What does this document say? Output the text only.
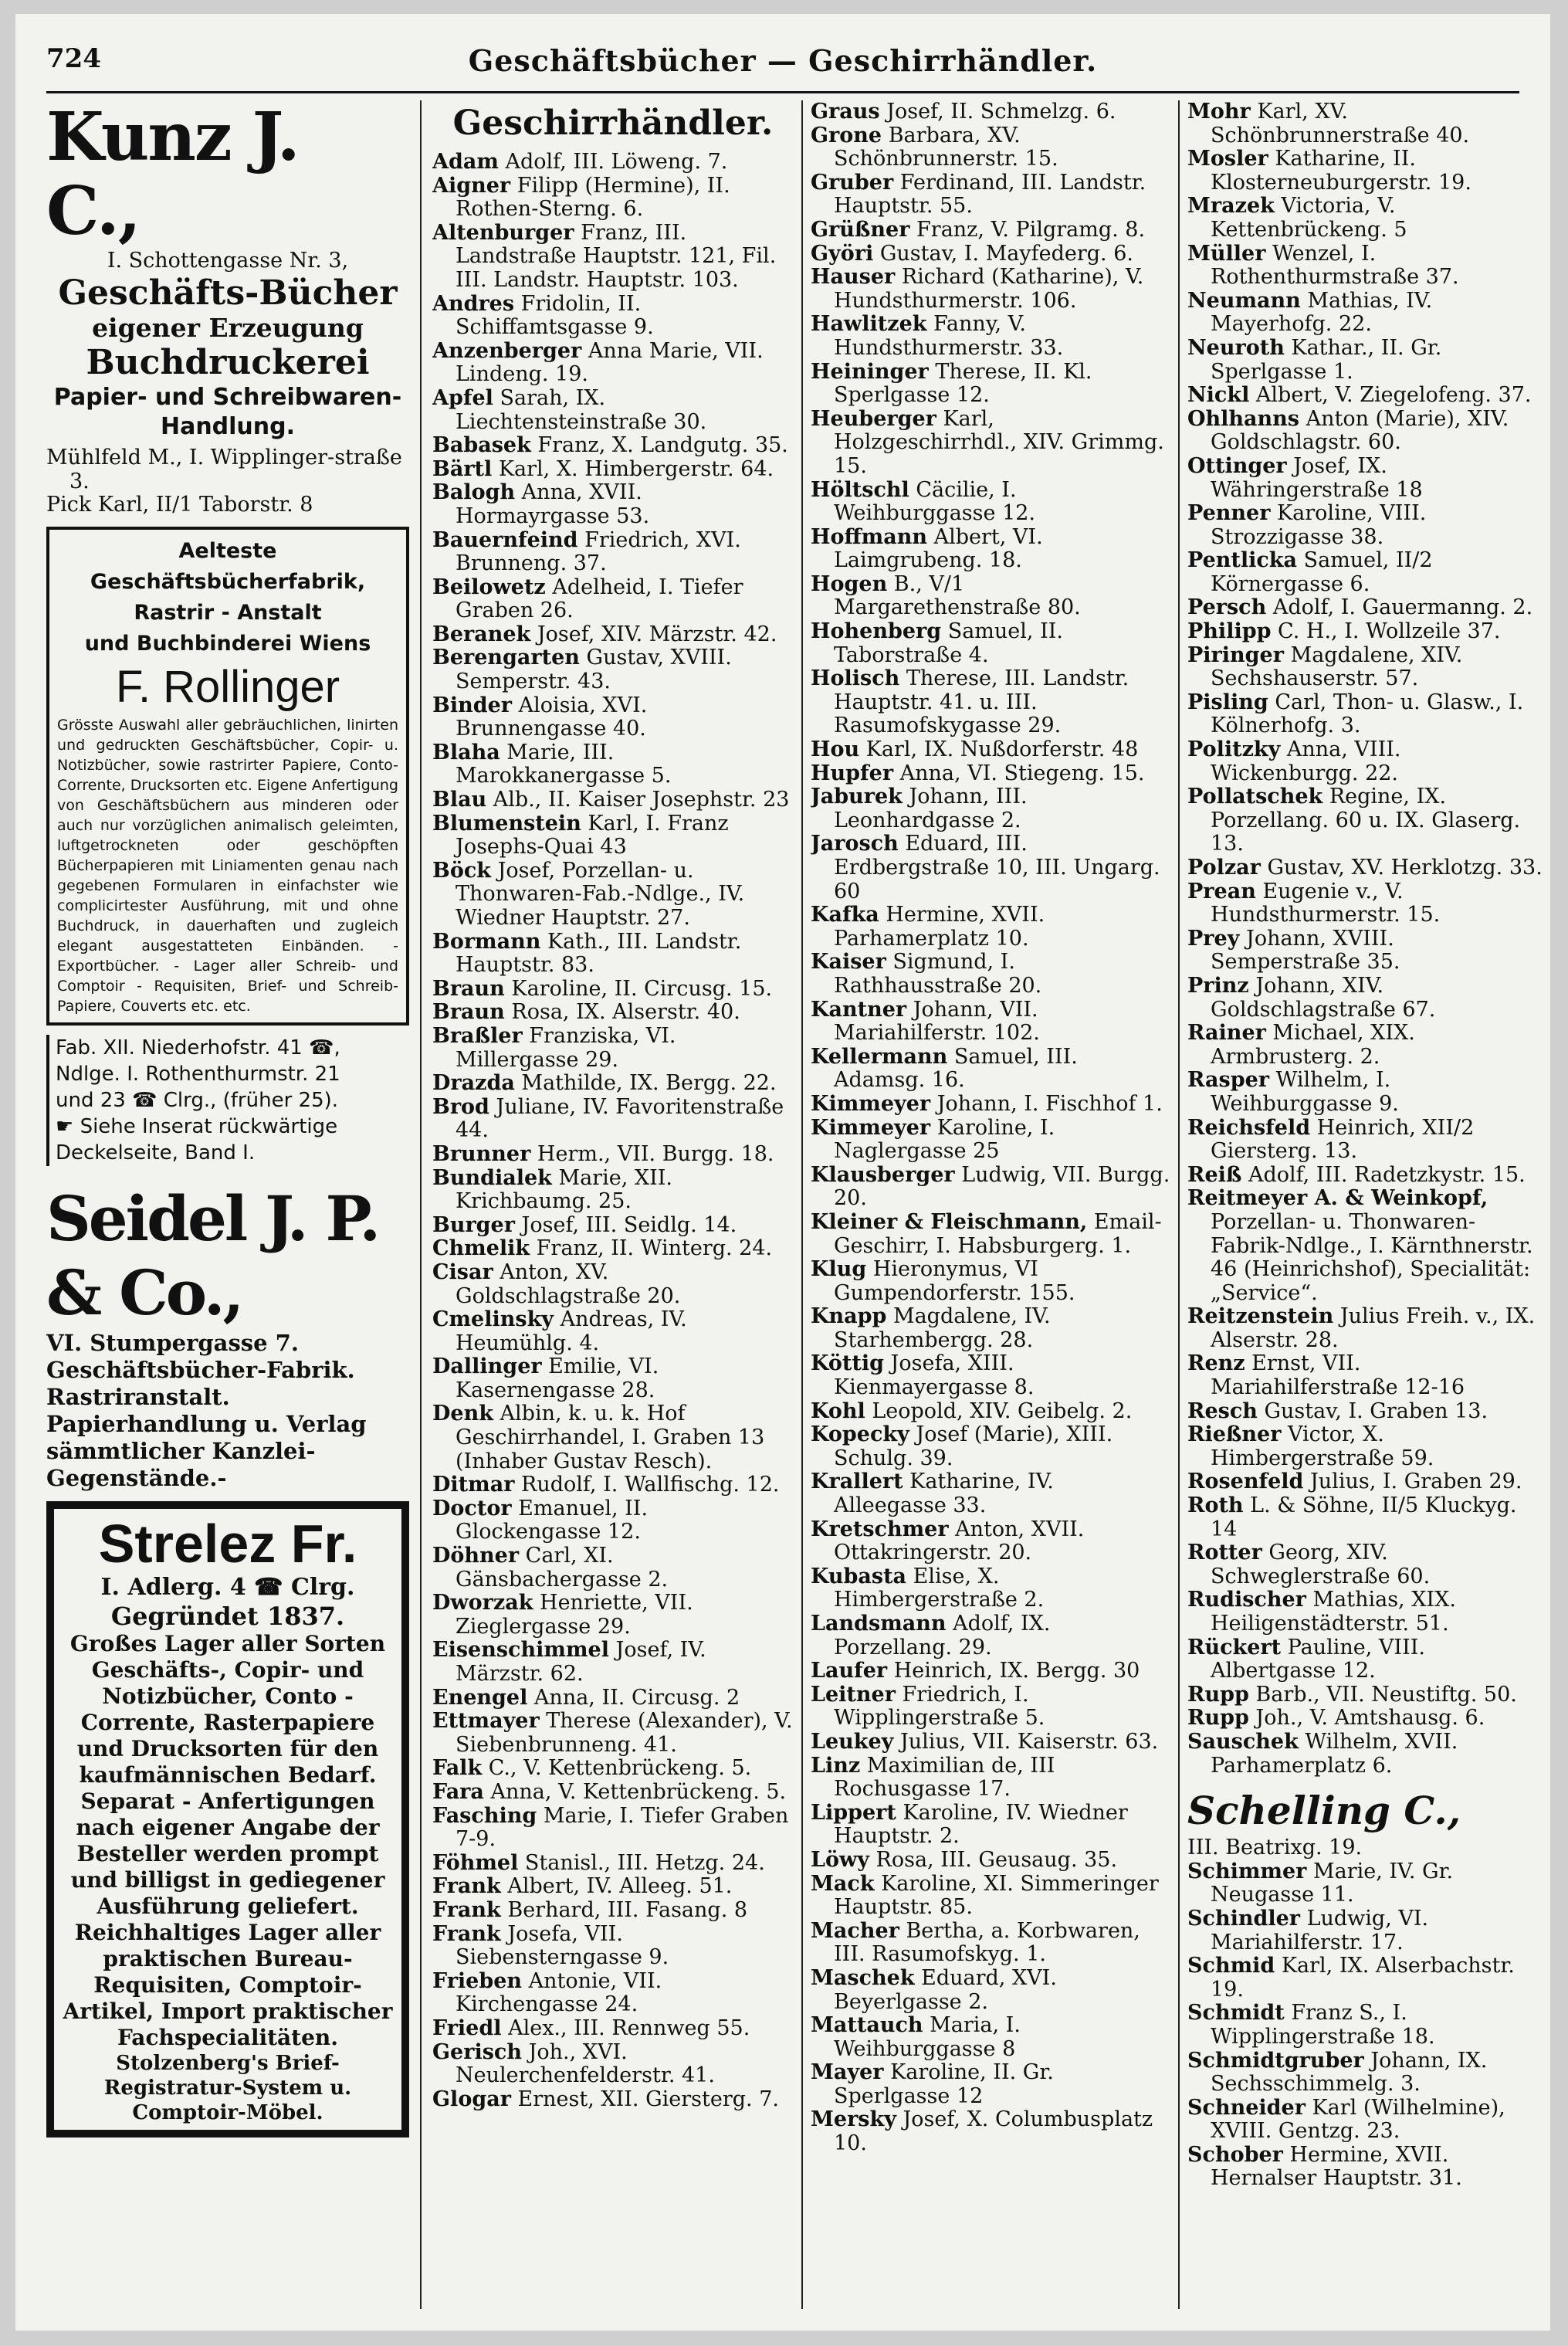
724	Geschäftsbücher — Geschirrhändler.
Kunz J. C.,
I. Schottengasse Nr. 3,
Geschäfts-Bücher
eigener Erzeugung
Buchdruckerei
Papier- und Schreibwaren-
Handlung.
Mühlfeld M., I. Wipplinger-straße 3.
Pick Karl, II/1 Taborstr. 8
Aelteste Geschäftsbücherfabrik,
Rastrir - Anstalt
und Buchbinderei Wiens
F. Rollinger
Grösste Auswahl aller gebräuchlichen, linirten und gedruckten Geschäftsbücher, Copir- u. Notizbücher, sowie rastrirter Papiere, Conto-Corrente, Drucksorten etc. Eigene Anfertigung von Geschäftsbüchern aus minderen oder auch nur vorzüglichen animalisch geleimten, luftgetrockneten oder geschöpften Bücherpapieren mit Liniamenten genau nach gegebenen Formularen in einfachster wie complicirtester Ausführung, mit und ohne Buchdruck, in dauerhaften und zugleich elegant ausgestatteten Einbänden. - Exportbücher. - Lager aller Schreib- und Comptoir - Requisiten, Brief- und Schreib-Papiere, Couverts etc. etc.
Fab. XII. Niederhofstr. 41 ☎,
Ndlge. I. Rothenthurmstr. 21
und 23 ☎ Clrg., (früher 25).
☛ Siehe Inserat rückwärtige Deckelseite, Band I.
Seidel J. P. & Co.,
VI. Stumpergasse 7. Geschäftsbücher-Fabrik. Rastriranstalt. Papierhandlung u. Verlag sämmtlicher Kanzlei-Gegenstände.-
Strelez Fr.
I. Adlerg. 4 ☎ Clrg.
Gegründet 1837.
Großes Lager aller Sorten Geschäfts-, Copir- und Notizbücher, Conto - Corrente, Rasterpapiere und Drucksorten für den kaufmännischen Bedarf.
Separat - Anfertigungen nach eigener Angabe der Besteller werden prompt und billigst in gediegener Ausführung geliefert.
Reichhaltiges Lager aller praktischen Bureau-Requisiten, Comptoir-Artikel, Import praktischer Fachspecialitäten.
Stolzenberg's Brief-Registratur-System u. Comptoir-Möbel.
Geschirrhändler.
Adam Adolf, III. Löweng. 7.
Aigner Filipp (Hermine), II. Rothen-Sterng. 6.
Altenburger Franz, III. Landstraße Hauptstr. 121, Fil. III. Landstr. Hauptstr. 103.
Andres Fridolin, II. Schiffamtsgasse 9.
Anzenberger Anna Marie, VII. Lindeng. 19.
Apfel Sarah, IX. Liechtensteinstraße 30.
Babasek Franz, X. Landgutg. 35.
Bärtl Karl, X. Himbergerstr. 64.
Balogh Anna, XVII. Hormayrgasse 53.
Bauernfeind Friedrich, XVI. Brunneng. 37.
Beilowetz Adelheid, I. Tiefer Graben 26.
Beranek Josef, XIV. Märzstr. 42.
Berengarten Gustav, XVIII. Semperstr. 43.
Binder Aloisia, XVI. Brunnengasse 40.
Blaha Marie, III. Marokkanergasse 5.
Blau Alb., II. Kaiser Josephstr. 23
Blumenstein Karl, I. Franz Josephs-Quai 43
Böck Josef, Porzellan- u. Thonwaren-Fab.-Ndlge., IV. Wiedner Hauptstr. 27.
Bormann Kath., III. Landstr. Hauptstr. 83.
Braun Karoline, II. Circusg. 15.
Braun Rosa, IX. Alserstr. 40.
Braßler Franziska, VI. Millergasse 29.
Drazda Mathilde, IX. Bergg. 22.
Brod Juliane, IV. Favoritenstraße 44.
Brunner Herm., VII. Burgg. 18.
Bundialek Marie, XII. Krichbaumg. 25.
Burger Josef, III. Seidlg. 14.
Chmelik Franz, II. Winterg. 24.
Cisar Anton, XV. Goldschlagstraße 20.
Cmelinsky Andreas, IV. Heumühlg. 4.
Dallinger Emilie, VI. Kasernengasse 28.
Denk Albin, k. u. k. Hof Geschirrhandel, I. Graben 13 (Inhaber Gustav Resch).
Ditmar Rudolf, I. Wallfischg. 12.
Doctor Emanuel, II. Glockengasse 12.
Döhner Carl, XI. Gänsbachergasse 2.
Dworzak Henriette, VII. Zieglergasse 29.
Eisenschimmel Josef, IV. Märzstr. 62.
Enengel Anna, II. Circusg. 2
Ettmayer Therese (Alexander), V. Siebenbrunneng. 41.
Falk C., V. Kettenbrückeng. 5.
Fara Anna, V. Kettenbrückeng. 5.
Fasching Marie, I. Tiefer Graben 7-9.
Föhmel Stanisl., III. Hetzg. 24.
Frank Albert, IV. Alleeg. 51.
Frank Berhard, III. Fasang. 8
Frank Josefa, VII. Siebensterngasse 9.
Frieben Antonie, VII. Kirchengasse 24.
Friedl Alex., III. Rennweg 55.
Gerisch Joh., XVI. Neulerchenfelderstr. 41.
Glogar Ernest, XII. Giersterg. 7.
Graus Josef, II. Schmelzg. 6.
Grone Barbara, XV. Schönbrunnerstr. 15.
Gruber Ferdinand, III. Landstr. Hauptstr. 55.
Grüßner Franz, V. Pilgramg. 8.
Györi Gustav, I. Mayfederg. 6.
Hauser Richard (Katharine), V. Hundsthurmerstr. 106.
Hawlitzek Fanny, V. Hundsthurmerstr. 33.
Heininger Therese, II. Kl. Sperlgasse 12.
Heuberger Karl, Holzgeschirrhdl., XIV. Grimmg. 15.
Höltschl Cäcilie, I. Weihburggasse 12.
Hoffmann Albert, VI. Laimgrubeng. 18.
Hogen B., V/1 Margarethenstraße 80.
Hohenberg Samuel, II. Taborstraße 4.
Holisch Therese, III. Landstr. Hauptstr. 41. u. III. Rasumofskygasse 29.
Hou Karl, IX. Nußdorferstr. 48
Hupfer Anna, VI. Stiegeng. 15.
Jaburek Johann, III. Leonhardgasse 2.
Jarosch Eduard, III. Erdbergstraße 10, III. Ungarg. 60
Kafka Hermine, XVII. Parhamerplatz 10.
Kaiser Sigmund, I. Rathhausstraße 20.
Kantner Johann, VII. Mariahilferstr. 102.
Kellermann Samuel, III. Adamsg. 16.
Kimmeyer Johann, I. Fischhof 1.
Kimmeyer Karoline, I. Naglergasse 25
Klausberger Ludwig, VII. Burgg. 20.
Kleiner & Fleischmann, Email-Geschirr, I. Habsburgerg. 1.
Klug Hieronymus, VI Gumpendorferstr. 155.
Knapp Magdalene, IV. Starhembergg. 28.
Köttig Josefa, XIII. Kienmayergasse 8.
Kohl Leopold, XIV. Geibelg. 2.
Kopecky Josef (Marie), XIII. Schulg. 39.
Krallert Katharine, IV. Alleegasse 33.
Kretschmer Anton, XVII. Ottakringerstr. 20.
Kubasta Elise, X. Himbergerstraße 2.
Landsmann Adolf, IX. Porzellang. 29.
Laufer Heinrich, IX. Bergg. 30
Leitner Friedrich, I. Wipplingerstraße 5.
Leukey Julius, VII. Kaiserstr. 63.
Linz Maximilian de, III Rochusgasse 17.
Lippert Karoline, IV. Wiedner Hauptstr. 2.
Löwy Rosa, III. Geusaug. 35.
Mack Karoline, XI. Simmeringer Hauptstr. 85.
Macher Bertha, a. Korbwaren, III. Rasumofskyg. 1.
Maschek Eduard, XVI. Beyerlgasse 2.
Mattauch Maria, I. Weihburggasse 8
Mayer Karoline, II. Gr. Sperlgasse 12
Mersky Josef, X. Columbusplatz 10.
Mohr Karl, XV. Schönbrunnerstraße 40.
Mosler Katharine, II. Klosterneuburgerstr. 19.
Mrazek Victoria, V. Kettenbrückeng. 5
Müller Wenzel, I. Rothenthurmstraße 37.
Neumann Mathias, IV. Mayerhofg. 22.
Neuroth Kathar., II. Gr. Sperlgasse 1.
Nickl Albert, V. Ziegelofeng. 37.
Ohlhanns Anton (Marie), XIV. Goldschlagstr. 60.
Ottinger Josef, IX. Währingerstraße 18
Penner Karoline, VIII. Strozzigasse 38.
Pentlicka Samuel, II/2 Körnergasse 6.
Persch Adolf, I. Gauermanng. 2.
Philipp C. H., I. Wollzeile 37.
Piringer Magdalene, XIV. Sechshauserstr. 57.
Pisling Carl, Thon- u. Glasw., I. Kölnerhofg. 3.
Politzky Anna, VIII. Wickenburgg. 22.
Pollatschek Regine, IX. Porzellang. 60 u. IX. Glaserg. 13.
Polzar Gustav, XV. Herklotzg. 33.
Prean Eugenie v., V. Hundsthurmerstr. 15.
Prey Johann, XVIII. Semperstraße 35.
Prinz Johann, XIV. Goldschlagstraße 67.
Rainer Michael, XIX. Armbrusterg. 2.
Rasper Wilhelm, I. Weihburggasse 9.
Reichsfeld Heinrich, XII/2 Giersterg. 13.
Reiß Adolf, III. Radetzkystr. 15.
Reitmeyer A. & Weinkopf, Porzellan- u. Thonwaren-Fabrik-Ndlge., I. Kärnthnerstr. 46 (Heinrichshof), Specialität: „Service“.
Reitzenstein Julius Freih. v., IX. Alserstr. 28.
Renz Ernst, VII. Mariahilferstraße 12-16
Resch Gustav, I. Graben 13.
Rießner Victor, X. Himbergerstraße 59.
Rosenfeld Julius, I. Graben 29.
Roth L. & Söhne, II/5 Kluckyg. 14
Rotter Georg, XIV. Schweglerstraße 60.
Rudischer Mathias, XIX. Heiligenstädterstr. 51.
Rückert Pauline, VIII. Albertgasse 12.
Rupp Barb., VII. Neustiftg. 50.
Rupp Joh., V. Amtshausg. 6.
Sauschek Wilhelm, XVII. Parhamerplatz 6.
Schelling C.,
III. Beatrixg. 19.
Schimmer Marie, IV. Gr. Neugasse 11.
Schindler Ludwig, VI. Mariahilferstr. 17.
Schmid Karl, IX. Alserbachstr. 19.
Schmidt Franz S., I. Wipplingerstraße 18.
Schmidtgruber Johann, IX. Sechsschimmelg. 3.
Schneider Karl (Wilhelmine), XVIII. Gentzg. 23.
Schober Hermine, XVII. Hernalser Hauptstr. 31.
